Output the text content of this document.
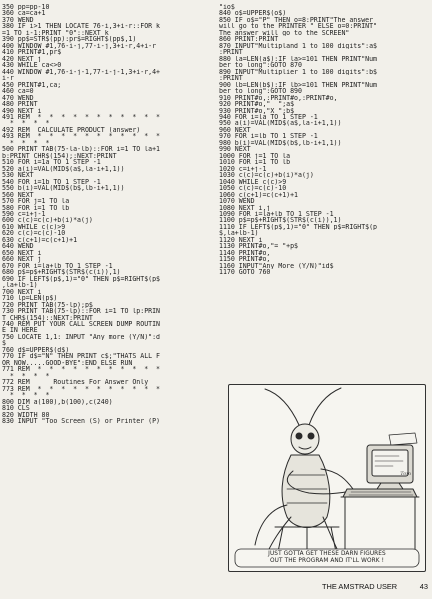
350 pp=pp-10
360 ca=ca+1
370 WEND
380 IF i>1 THEN LOCATE 76-i,3+i-r::FOR k
=1 TO i-1:PRINT "0"::NEXT k
390 pp$=STR$(pp):pr$=RIGHT$(pp$,1)
400 WINDOW #1,76-i-j,77-i-j,3+i-r,4+i-r
410 PRINT#1,pr$
420 NEXT j
430 WHILE ca<>0
440 WINDOW #1,76-i-j-1,77-i-j-1,3+i-r,4+
i-r
450 PRINT#1,ca;
460 ca=0
470 WEND
480 PRINT
490 NEXT i
491 REM  *  *  *  *  *  *  *  *  *  *  *
*  *  *  *
492 REM  CALCULATE PRODUCT (answer)
493 REM  *  *  *  *  *  *  *  *  *  *  *
*  *  *  *
500 PRINT TAB(75-la-lb)::FOR i=1 TO la+1
b:PRINT CHR$(154);:NEXT:PRINT
510 FOR i=1a TO 1 STEP -1
520 a(i)=VAL(MID$(a$,la-i+1,1))
530 NEXT
540 FOR i=1b TO 1 STEP -1
550 b(i)=VAL(MID$(b$,lb-i+1,1))
560 NEXT
570 FOR j=1 TO la
580 FOR i=1 TO lb
590 c=i+j-1
600 c(c)=c(c)+b(i)*a(j)
610 WHILE c(c)>9
620 c(c)=c(c)-10
630 c(c+1)=c(c+1)+1
640 WEND
650 NEXT i
660 NEXT j
670 FOR i=la+lb TO 1 STEP -1
680 p$=p$+RIGHT$(STR$(c(i)),1)
690 IF LEFT$(p$,1)="0" THEN p$=RIGHT$(p$
,la+lb-1)
700 NEXT i
710 lp=LEN(p$)
720 PRINT TAB(75-lp);p$
730 PRINT TAB(75-lp)::FOR i=1 TO lp:PRIN
T CHR$(154)::NEXT:PRINT
740 REM PUT YOUR CALL SCREEN DUMP ROUTIN
E IN HERE
750 LOCATE 1,1: INPUT "Any more (Y/N)":d
$
760 d$=UPPER$(d$)
770 IF d$="N" THEN PRINT c$;"THATS ALL F
OR NOW.....GOOD-BYE":END ELSE RUN
771 REM  *  *  *  *  *  *  *  *  *  *  *
*  *  *  *
772 REM      Routines For Answer Only
773 REM  *  *  *  *  *  *  *  *  *  *  *
*  *  *  *
800 DIM a(100),b(100),c(240)
810 CLS
820 WIDTH 80
830 INPUT "Too Screen (S) or Printer (P)
"io$
840 o$=UPPER$(o$)
850 IF o$="P" THEN o=8:PRINT"The answer
will go to the PRINTER " ELSE o=0:PRINT"
The answer will go to the SCREEN"
860 PRINT:PRINT
870 INPUT"Multipland 1 to 100 digits":a$
:PRINT
880 la=LEN(a$):IF la>=101 THEN PRINT"Num
ber to long":GOTO 870
890 INPUT"Multiplier 1 to 100 digits":b$
:PRINT
900 lb=LEN(b$):IF lb>=101 THEN PRINT"Num
ber to long":GOTO 890
910 PRINT#o,:PRINT#o,:PRINT#o,
920 PRINT#o,"  ";a$
930 PRINT#o,"X ";b$
940 FOR i=la TO 1 STEP -1
950 a(i)=VAL(MID$(a$,la-i+1,1))
960 NEXT
970 FOR i=lb TO 1 STEP -1
980 b(i)=VAL(MID$(b$,lb-i+1,1))
990 NEXT
1000 FOR j=1 TO la
1010 FOR i=1 TO lb
1020 c=i+j-1
1030 c(c)=c(c)+b(i)*a(j)
1040 WHILE c(c)>9
1050 c(c)=c(c)-10
1060 c(c+1)=c(c+1)+1
1070 WEND
1080 NEXT i,j
1090 FOR i=la+lb TO 1 STEP -1
1100 p$=p$+RIGHT$(STR$(c(i)),1)
1110 IF LEFT$(p$,1)="0" THEN p$=RIGHT$(p
$,la+lb-1)
1120 NEXT i
1130 PRINT#o,"= "+p$
1140 PRINT#o,
1150 PRINT#o,
1160 INPUT"Any More (Y/N)"id$
1170 GOTO 760
Tom
JUST GOTTA GET THESE DARN FIGURES
OUT THE PROGRAM AND IT'LL WORK !
THE AMSTRAD USER	43
